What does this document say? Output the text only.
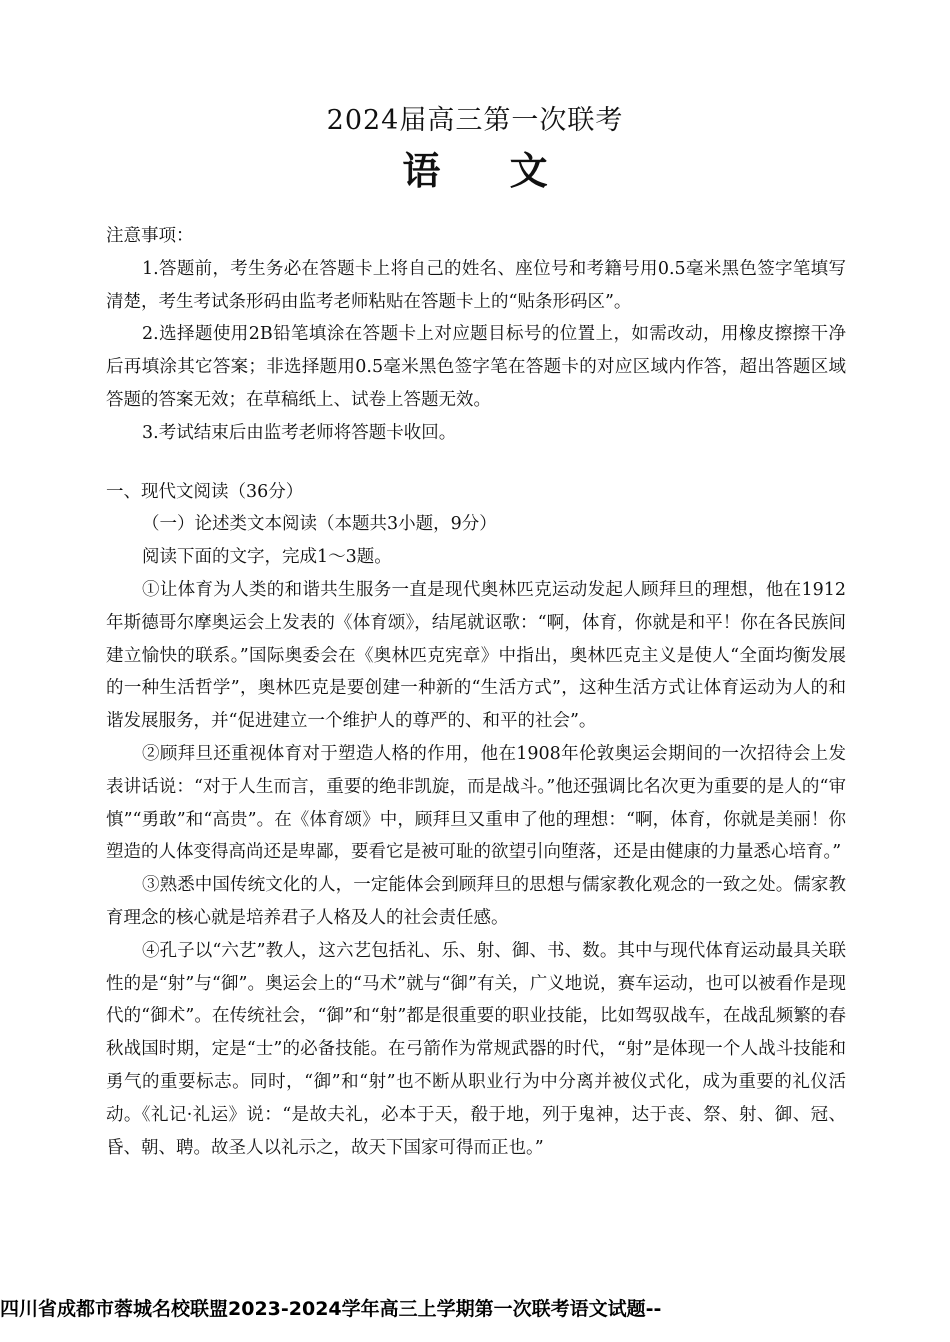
2024届高三第一次联考
语 文

注意事项：

1.答题前，考生务必在答题卡上将自己的姓名、座位号和考籍号用0.5毫米黑色签字笔填写清楚，考生考试条形码由监考老师粘贴在答题卡上的“贴条形码区”。

2.选择题使用2B铅笔填涂在答题卡上对应题目标号的位置上，如需改动，用橡皮擦擦干净后再填涂其它答案；非选择题用0.5毫米黑色签字笔在答题卡的对应区域内作答，超出答题区域答题的答案无效；在草稿纸上、试卷上答题无效。

3.考试结束后由监考老师将答题卡收回。

一、现代文阅读（36分）

（一）论述类文本阅读（本题共3小题，9分）

阅读下面的文字，完成1～3题。

①让体育为人类的和谐共生服务一直是现代奥林匹克运动发起人顾拜旦的理想，他在1912年斯德哥尔摩奥运会上发表的《体育颂》，结尾就讴歌：“啊，体育，你就是和平！你在各民族间建立愉快的联系。”国际奥委会在《奥林匹克宪章》中指出，奥林匹克主义是使人“全面均衡发展的一种生活哲学”，奥林匹克是要创建一种新的“生活方式”，这种生活方式让体育运动为人的和谐发展服务，并“促进建立一个维护人的尊严的、和平的社会”。

②顾拜旦还重视体育对于塑造人格的作用，他在1908年伦敦奥运会期间的一次招待会上发表讲话说：“对于人生而言，重要的绝非凯旋，而是战斗。”他还强调比名次更为重要的是人的“审慎”“勇敢”和“高贵”。在《体育颂》中，顾拜旦又重申了他的理想：“啊，体育，你就是美丽！你塑造的人体变得高尚还是卑鄙，要看它是被可耻的欲望引向堕落，还是由健康的力量悉心培育。”

③熟悉中国传统文化的人，一定能体会到顾拜旦的思想与儒家教化观念的一致之处。儒家教育理念的核心就是培养君子人格及人的社会责任感。

④孔子以“六艺”教人，这六艺包括礼、乐、射、御、书、数。其中与现代体育运动最具关联性的是“射”与“御”。奥运会上的“马术”就与“御”有关，广义地说，赛车运动，也可以被看作是现代的“御术”。在传统社会，“御”和“射”都是很重要的职业技能，比如驾驭战车，在战乱频繁的春秋战国时期，定是“士”的必备技能。在弓箭作为常规武器的时代，“射”是体现一个人战斗技能和勇气的重要标志。同时，“御”和“射”也不断从职业行为中分离并被仪式化，成为重要的礼仪活动。《礼记·礼运》说：“是故夫礼，必本于天，殽于地，列于鬼神，达于丧、祭、射、御、冠、昏、朝、聘。故圣人以礼示之，故天下国家可得而正也。”

四川省成都市蓉城名校联盟2023-2024学年高三上学期第一次联考语文试题--
